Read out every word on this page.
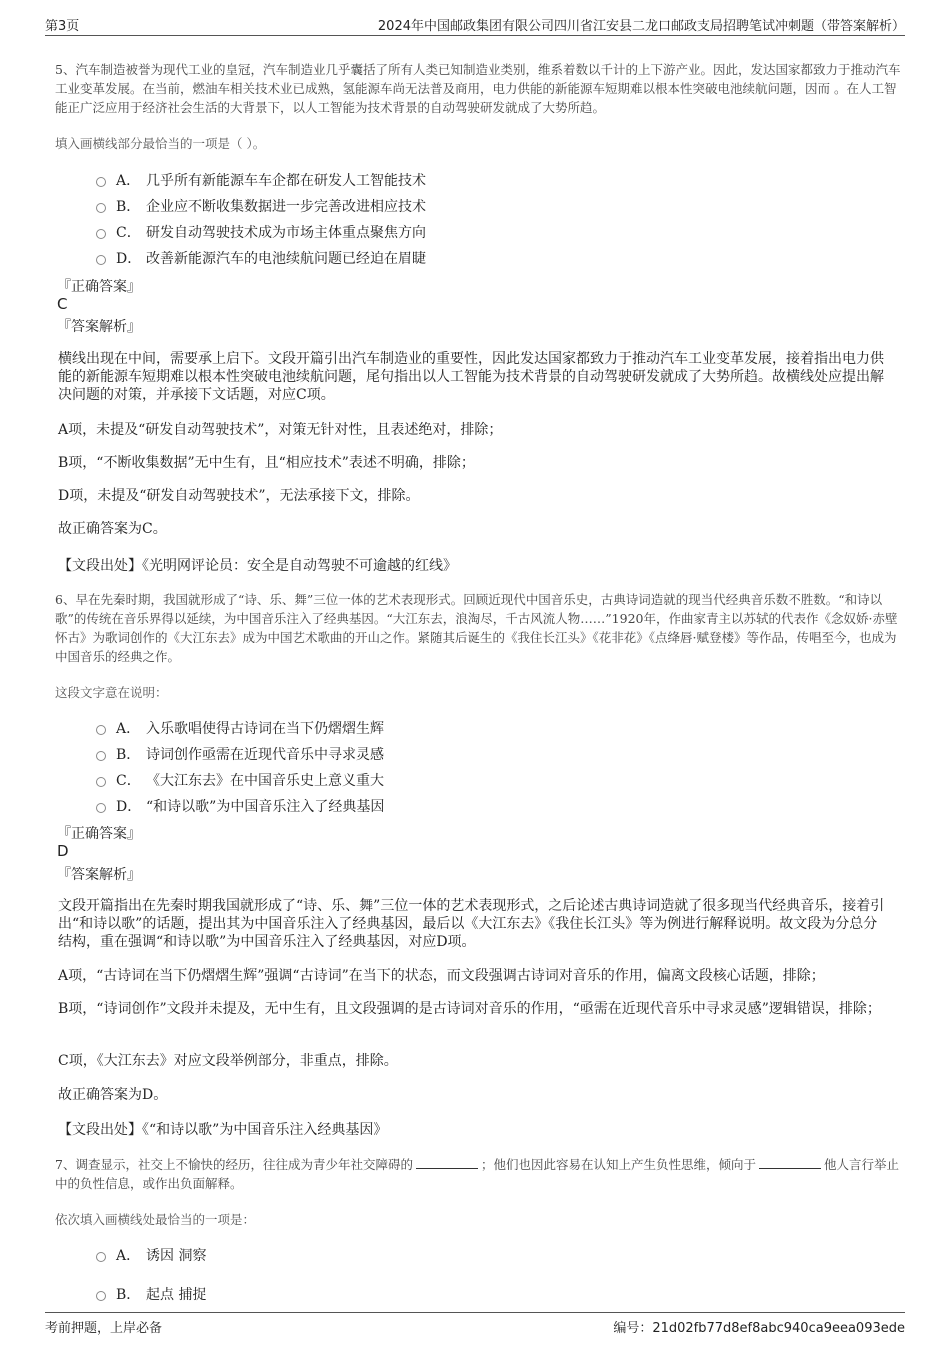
第3页	2024年中国邮政集团有限公司四川省江安县二龙口邮政支局招聘笔试冲刺题（带答案解析）
5、汽车制造被誉为现代工业的皇冠，汽车制造业几乎囊括了所有人类已知制造业类别，维系着数以千计的上下游产业。因此，发达国家都致力于推动汽车工业变革发展。在当前，燃油车相关技术业已成熟，氢能源车尚无法普及商用，电力供能的新能源车短期难以根本性突破电池续航问题，因而 。在人工智能正广泛应用于经济社会生活的大背景下，以人工智能为技术背景的自动驾驶研发就成了大势所趋。
填入画横线部分最恰当的一项是（ ）。
A． 几乎所有新能源车车企都在研发人工智能技术
B． 企业应不断收集数据进一步完善改进相应技术
C． 研发自动驾驶技术成为市场主体重点聚焦方向
D． 改善新能源汽车的电池续航问题已经迫在眉睫
『正确答案』
C
『答案解析』
横线出现在中间，需要承上启下。文段开篇引出汽车制造业的重要性，因此发达国家都致力于推动汽车工业变革发展，接着指出电力供能的新能源车短期难以根本性突破电池续航问题，尾句指出以人工智能为技术背景的自动驾驶研发就成了大势所趋。故横线处应提出解决问题的对策，并承接下文话题，对应C项。
A项，未提及“研发自动驾驶技术”，对策无针对性，且表述绝对，排除；
B项，“不断收集数据”无中生有，且“相应技术”表述不明确，排除；
D项，未提及“研发自动驾驶技术”，无法承接下文，排除。
故正确答案为C。
【文段出处】《光明网评论员：安全是自动驾驶不可逾越的红线》
6、早在先秦时期，我国就形成了“诗、乐、舞”三位一体的艺术表现形式。回顾近现代中国音乐史，古典诗词造就的现当代经典音乐数不胜数。“和诗以歌”的传统在音乐界得以延续，为中国音乐注入了经典基因。“大江东去，浪淘尽，千古风流人物……”1920年，作曲家青主以苏轼的代表作《念奴娇·赤壁怀古》为歌词创作的《大江东去》成为中国艺术歌曲的开山之作。紧随其后诞生的《我住长江头》《花非花》《点绛唇·赋登楼》等作品，传唱至今，也成为中国音乐的经典之作。
这段文字意在说明：
A． 入乐歌唱使得古诗词在当下仍熠熠生辉
B． 诗词创作亟需在近现代音乐中寻求灵感
C． 《大江东去》在中国音乐史上意义重大
D． “和诗以歌”为中国音乐注入了经典基因
『正确答案』
D
『答案解析』
文段开篇指出在先秦时期我国就形成了“诗、乐、舞”三位一体的艺术表现形式，之后论述古典诗词造就了很多现当代经典音乐，接着引出“和诗以歌”的话题，提出其为中国音乐注入了经典基因，最后以《大江东去》《我住长江头》等为例进行解释说明。故文段为分总分结构，重在强调“和诗以歌”为中国音乐注入了经典基因，对应D项。
A项，“古诗词在当下仍熠熠生辉”强调“古诗词”在当下的状态，而文段强调古诗词对音乐的作用，偏离文段核心话题，排除；
B项，“诗词创作”文段并未提及，无中生有，且文段强调的是古诗词对音乐的作用，“亟需在近现代音乐中寻求灵感”逻辑错误，排除；
C项，《大江东去》对应文段举例部分，非重点，排除。
故正确答案为D。
【文段出处】《“和诗以歌”为中国音乐注入经典基因》
7、调查显示，社交上不愉快的经历，往往成为青少年社交障碍的	；他们也因此容易在认知上产生负性思维，倾向于	他人言行举止中的负性信息，或作出负面解释。
依次填入画横线处最恰当的一项是：
A． 诱因 洞察
B． 起点 捕捉
考前押题，上岸必备	编号：21d02fb77d8ef8abc940ca9eea093ede
